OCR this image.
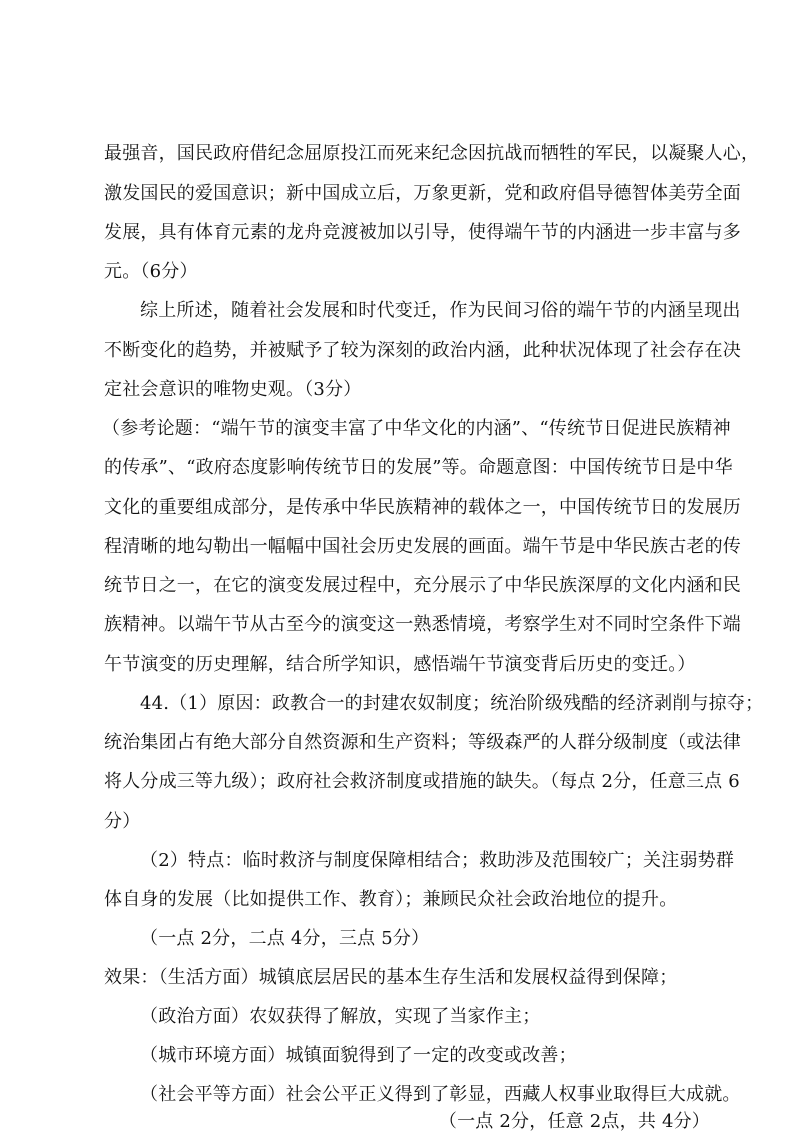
最强音，国民政府借纪念屈原投江而死来纪念因抗战而牺牲的军民，以凝聚人心，
激发国民的爱国意识；新中国成立后，万象更新，党和政府倡导德智体美劳全面
发展，具有体育元素的龙舟竞渡被加以引导，使得端午节的内涵进一步丰富与多
元。（6分）
综上所述，随着社会发展和时代变迁，作为民间习俗的端午节的内涵呈现出
不断变化的趋势，并被赋予了较为深刻的政治内涵，此种状况体现了社会存在决
定社会意识的唯物史观。（3分）
（参考论题：“端午节的演变丰富了中华文化的内涵”、“传统节日促进民族精神
的传承”、“政府态度影响传统节日的发展”等。命题意图：中国传统节日是中华
文化的重要组成部分，是传承中华民族精神的载体之一，中国传统节日的发展历
程清晰的地勾勒出一幅幅中国社会历史发展的画面。端午节是中华民族古老的传
统节日之一，在它的演变发展过程中，充分展示了中华民族深厚的文化内涵和民
族精神。以端午节从古至今的演变这一熟悉情境，考察学生对不同时空条件下端
午节演变的历史理解，结合所学知识，感悟端午节演变背后历史的变迁。）
44.（1）原因：政教合一的封建农奴制度；统治阶级残酷的经济剥削与掠夺；
统治集团占有绝大部分自然资源和生产资料；等级森严的人群分级制度（或法律
将人分成三等九级）；政府社会救济制度或措施的缺失。（每点 2分，任意三点 6
分）
（2）特点：临时救济与制度保障相结合；救助涉及范围较广；关注弱势群
体自身的发展（比如提供工作、教育）；兼顾民众社会政治地位的提升。
（一点 2分，二点 4分，三点 5分）
效果：（生活方面）城镇底层居民的基本生存生活和发展权益得到保障；
（政治方面）农奴获得了解放，实现了当家作主；
（城市环境方面）城镇面貌得到了一定的改变或改善；
（社会平等方面）社会公平正义得到了彰显，西藏人权事业取得巨大成就。
（一点 2分，任意 2点，共 4分）
